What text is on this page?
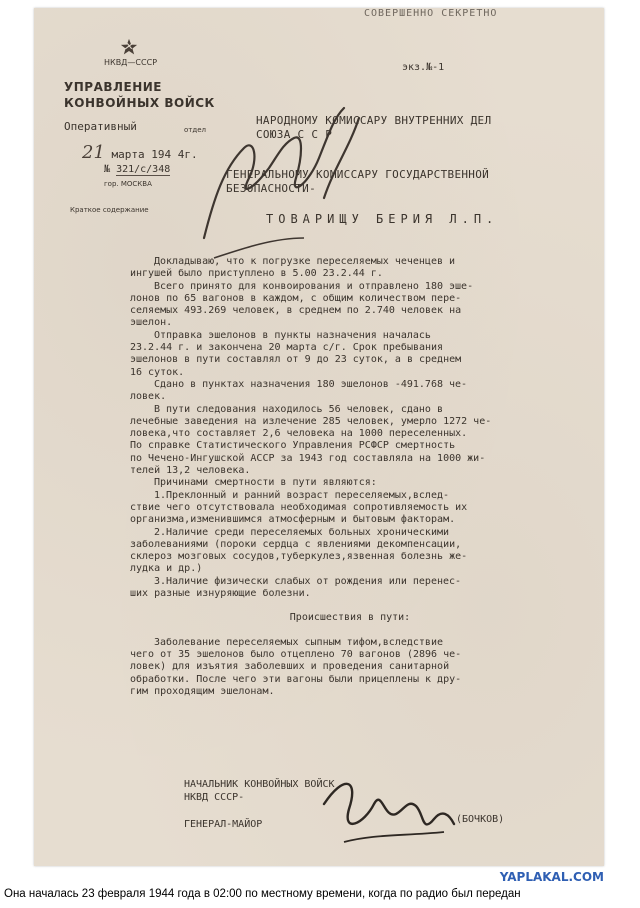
СОВЕРШЕННО СЕКРЕТНО
экз.№-1
НКВД—СССР
УПРАВЛЕНИЕ
КОНВОЙНЫХ ВОЙСК
Оперативный	отдел
21 марта 194 4г.
№ 321/с/348
гор. МОСКВА
Краткое содержание
НАРОДНОМУ КОМИССАРУ ВНУТРЕННИХ ДЕЛ
СОЮЗА С С Р
ГЕНЕРАЛЬНОМУ КОМИССАРУ ГОСУДАРСТВЕННОЙ
БЕЗОПАСНОСТИ-
ТОВАРИЩУ БЕРИЯ Л.П.

Докладываю, что к погрузке переселяемых чеченцев и

ингушей было приступлено в 5.00 23.2.44 г.

Всего принято для конвоирования и отправлено 180 эше-

лонов по 65 вагонов в каждом, с общим количеством пере-

селяемых 493.269 человек, в среднем по 2.740 человек на

эшелон.

Отправка эшелонов в пункты назначения началась

23.2.44 г. и закончена 20 марта с/г. Срок пребывания

эшелонов в пути составлял от 9 до 23 суток, а в среднем

16 суток.

Сдано в пунктах назначения 180 эшелонов -491.768 че-

ловек.

В пути следования находилось 56 человек, сдано в

лечебные заведения на излечение 285 человек, умерло 1272 че-

ловека,что составляет 2,6 человека на 1000 переселенных.

По справке Статистического Управления РСФСР смертность

по Чечено-Ингушской АССР за 1943 год составляла на 1000 жи-

телей 13,2 человека.

Причинами смертности в пути являются:

1.Преклонный и ранний возраст переселяемых,вслед-

ствие чего отсутствовала необходимая сопротивляемость их

организма,изменившимся атмосферным и бытовым факторам.

2.Наличие среди переселяемых больных хроническими

заболеваниями (пороки сердца с явлениями декомпенсации,

склероз мозговых сосудов,туберкулез,язвенная болезнь же-

лудка и др.)

3.Наличие физически слабых от рождения или перенес-

ших разные изнуряющие болезни.

Происшествия в пути:

Заболевание переселяемых сыпным тифом,вследствие

чего от 35 эшелонов было отцеплено 70 вагонов (2896 че-

ловек) для изъятия заболевших и проведения санитарной

обработки. После чего эти вагоны были прицеплены к дру-

гим проходящим эшелонам.

НАЧАЛЬНИК КОНВОЙНЫХ ВОЙСК

НКВД СССР-

ГЕНЕРАЛ-МАЙОР	(БОЧКОВ)
YAPLAKAL.COM
Она началась 23 февраля 1944 года в 02:00 по местному времени, когда по радио был передан
